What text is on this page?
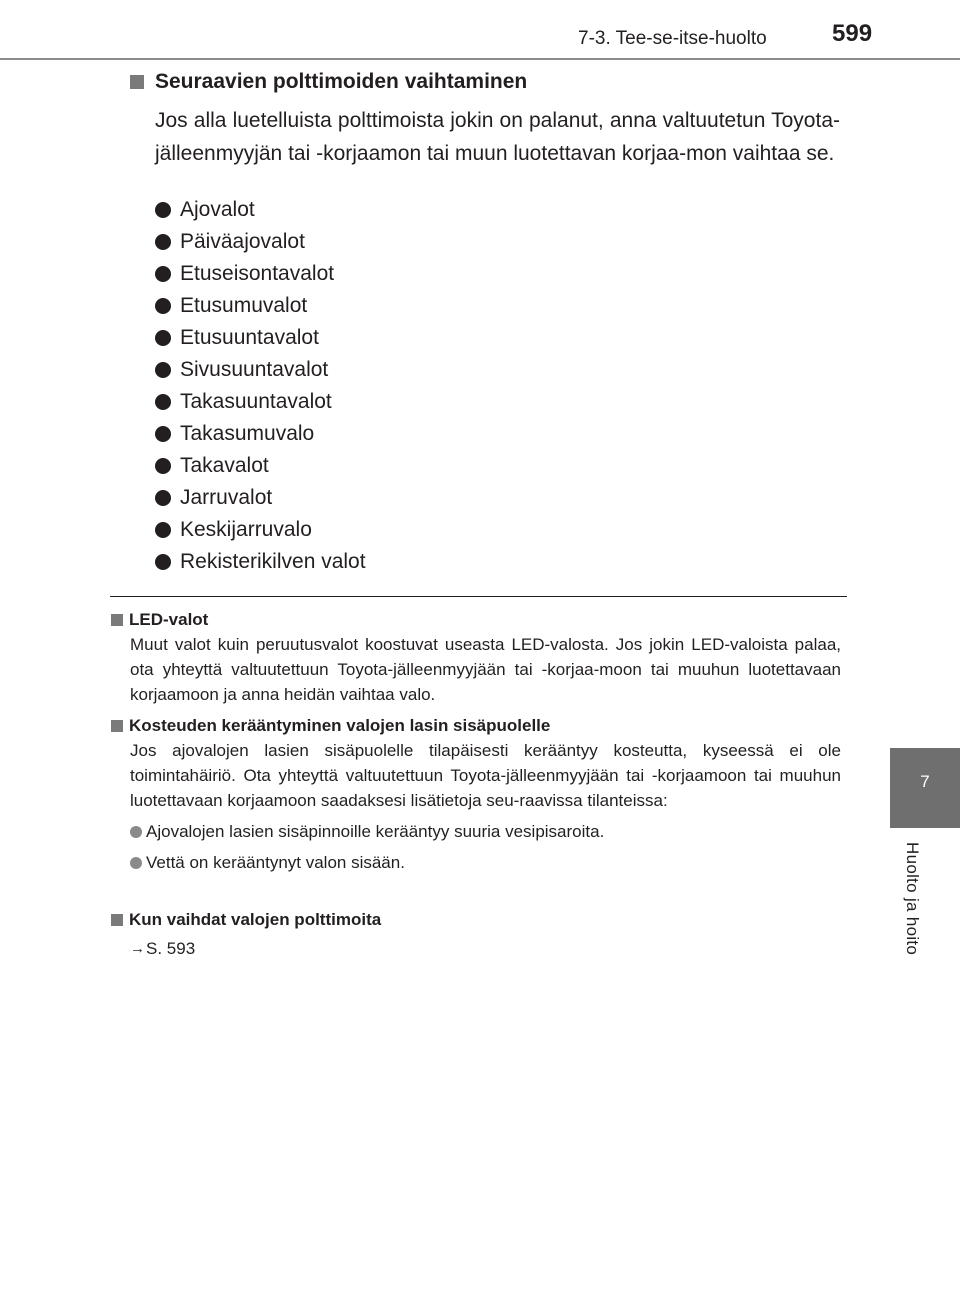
7-3. Tee-se-itse-huolto	599
7
Huolto ja hoito
Seuraavien polttimoiden vaihtaminen
Jos alla luetelluista polttimoista jokin on palanut, anna valtuutetun Toyota-jälleenmyyjän tai -korjaamon tai muun luotettavan korjaa-mon vaihtaa se.
Ajovalot
Päiväajovalot
Etuseisontavalot
Etusumuvalot
Etusuuntavalot
Sivusuuntavalot
Takasuuntavalot
Takasumuvalo
Takavalot
Jarruvalot
Keskijarruvalo
Rekisterikilven valot
LED-valot
Muut valot kuin peruutusvalot koostuvat useasta LED-valosta. Jos jokin LED-valoista palaa, ota yhteyttä valtuutettuun Toyota-jälleenmyyjään tai -korjaa-moon tai muuhun luotettavaan korjaamoon ja anna heidän vaihtaa valo.
Kosteuden kerääntyminen valojen lasin sisäpuolelle
Jos ajovalojen lasien sisäpuolelle tilapäisesti kerääntyy kosteutta, kyseessä ei ole toimintahäiriö. Ota yhteyttä valtuutettuun Toyota-jälleenmyyjään tai -korjaamoon tai muuhun luotettavaan korjaamoon saadaksesi lisätietoja seu-raavissa tilanteissa:
Ajovalojen lasien sisäpinnoille kerääntyy suuria vesipisaroita.
Vettä on kerääntynyt valon sisään.
Kun vaihdat valojen polttimoita
→ S. 593
